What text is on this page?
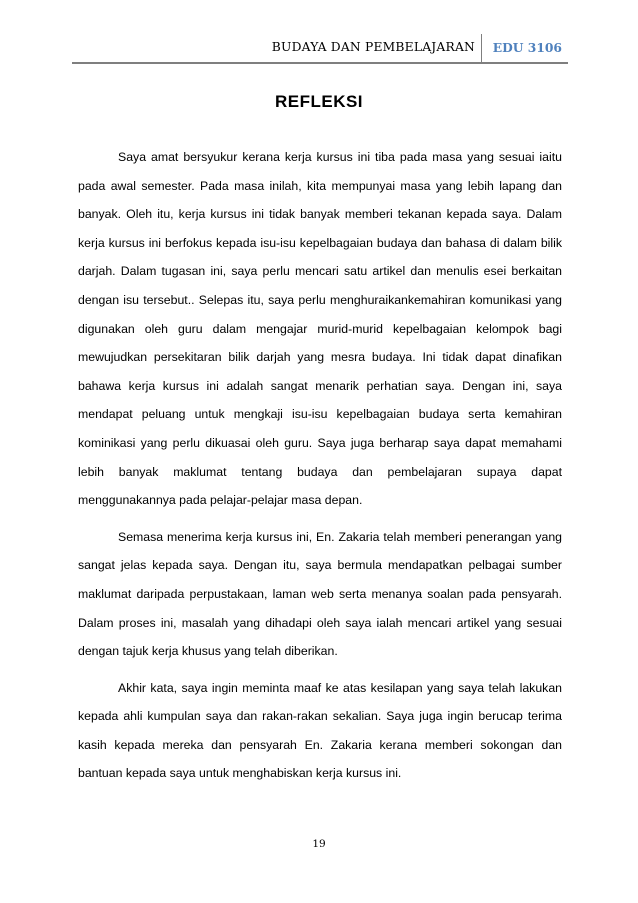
BUDAYA DAN PEMBELAJARAN EDU 3106
REFLEKSI

Saya amat bersyukur kerana kerja kursus ini tiba pada masa yang sesuai iaitu pada awal semester. Pada masa inilah, kita mempunyai masa yang lebih lapang dan banyak. Oleh itu, kerja kursus ini tidak banyak memberi tekanan kepada saya. Dalam kerja kursus ini berfokus kepada isu-isu kepelbagaian budaya dan bahasa di dalam bilik darjah. Dalam tugasan ini, saya perlu mencari satu artikel dan menulis esei berkaitan dengan isu tersebut.. Selepas itu, saya perlu menghuraikankemahiran komunikasi yang digunakan oleh guru dalam mengajar murid-murid kepelbagaian kelompok bagi mewujudkan persekitaran bilik darjah yang mesra budaya. Ini tidak dapat dinafikan bahawa kerja kursus ini adalah sangat menarik perhatian saya. Dengan ini, saya mendapat peluang untuk mengkaji isu-isu kepelbagaian budaya serta kemahiran kominikasi yang perlu dikuasai oleh guru. Saya juga berharap saya dapat memahami lebih banyak maklumat tentang budaya dan pembelajaran supaya dapat menggunakannya pada pelajar-pelajar masa depan.

Semasa menerima kerja kursus ini, En. Zakaria telah memberi penerangan yang sangat jelas kepada saya. Dengan itu, saya bermula mendapatkan pelbagai sumber maklumat daripada perpustakaan, laman web serta menanya soalan pada pensyarah. Dalam proses ini, masalah yang dihadapi oleh saya ialah mencari artikel yang sesuai dengan tajuk kerja khusus yang telah diberikan.

Akhir kata, saya ingin meminta maaf ke atas kesilapan yang saya telah lakukan kepada ahli kumpulan saya dan rakan-rakan sekalian. Saya juga ingin berucap terima kasih kepada mereka dan pensyarah En. Zakaria kerana memberi sokongan dan bantuan kepada saya untuk menghabiskan kerja kursus ini.

19
